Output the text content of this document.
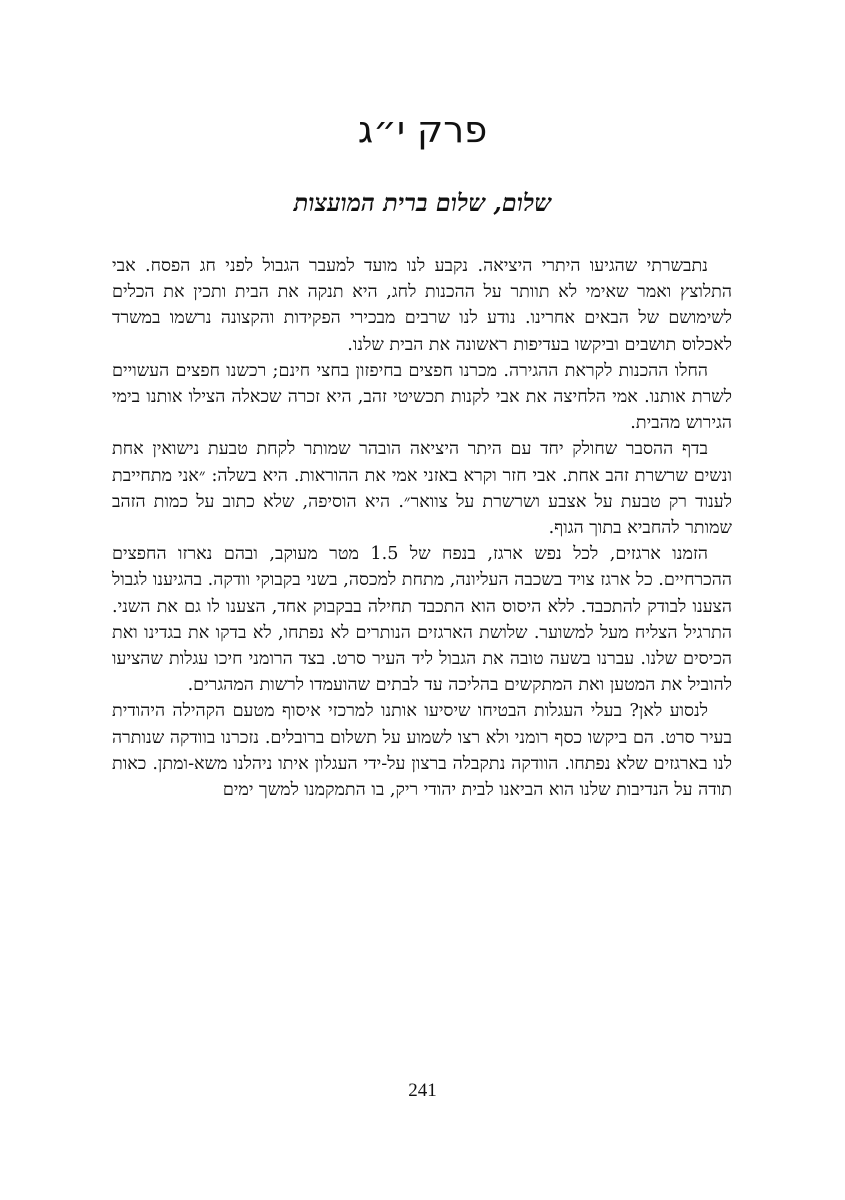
פרק י״ג
שלום, שלום ברית המועצות

נתבשרתי שהגיעו היתרי היציאה. נקבע לנו מועד למעבר הגבול לפני חג הפסח. אבי התלוצץ ואמר שאימי לא תוותר על ההכנות לחג, היא תנקה את הבית ותכין את הכלים לשימושם של הבאים אחרינו. נודע לנו שרבים מבכירי הפקידות והקצונה נרשמו במשרד לאכלוס תושבים וביקשו בעדיפות ראשונה את הבית שלנו.

החלו ההכנות לקראת ההגירה. מכרנו חפצים בחיפזון בחצי חינם; רכשנו חפצים העשויים לשרת אותנו. אמי הלחיצה את אבי לקנות תכשיטי זהב, היא זכרה שכאלה הצילו אותנו בימי הגירוש מהבית.

בדף ההסבר שחולק יחד עם היתר היציאה הובהר שמותר לקחת טבעת נישואין אחת ונשים שרשרת זהב אחת. אבי חזר וקרא באזני אמי את ההוראות. היא בשלה: ״אני מתחייבת לענוד רק טבעת על אצבע ושרשרת על צוואר״. היא הוסיפה, שלא כתוב על כמות הזהב שמותר להחביא בתוך הגוף.

הזמנו ארגזים, לכל נפש ארגז, בנפח של 1.5 מטר מעוקב, ובהם נארזו החפצים ההכרחיים. כל ארגז צויד בשכבה העליונה, מתחת למכסה, בשני בקבוקי וודקה. בהגיענו לגבול הצענו לבודק להתכבד. ללא היסוס הוא התכבד תחילה בבקבוק אחד, הצענו לו גם את השני. התרגיל הצליח מעל למשוער. שלושת הארגזים הנותרים לא נפתחו, לא בדקו את בגדינו ואת הכיסים שלנו. עברנו בשעה טובה את הגבול ליד העיר סרט. בצד הרומני חיכו עגלות שהציעו להוביל את המטען ואת המתקשים בהליכה עד לבתים שהועמדו לרשות המהגרים.

לנסוע לאן? בעלי העגלות הבטיחו שיסיעו אותנו למרכזי איסוף מטעם הקהילה היהודית בעיר סרט. הם ביקשו כסף רומני ולא רצו לשמוע על תשלום ברובלים. נזכרנו בוודקה שנותרה לנו בארגזים שלא נפתחו. הוודקה נתקבלה ברצון על-ידי העגלון איתו ניהלנו משא-ומתן. כאות תודה על הנדיבות שלנו הוא הביאנו לבית יהודי ריק, בו התמקמנו למשך ימים

241
